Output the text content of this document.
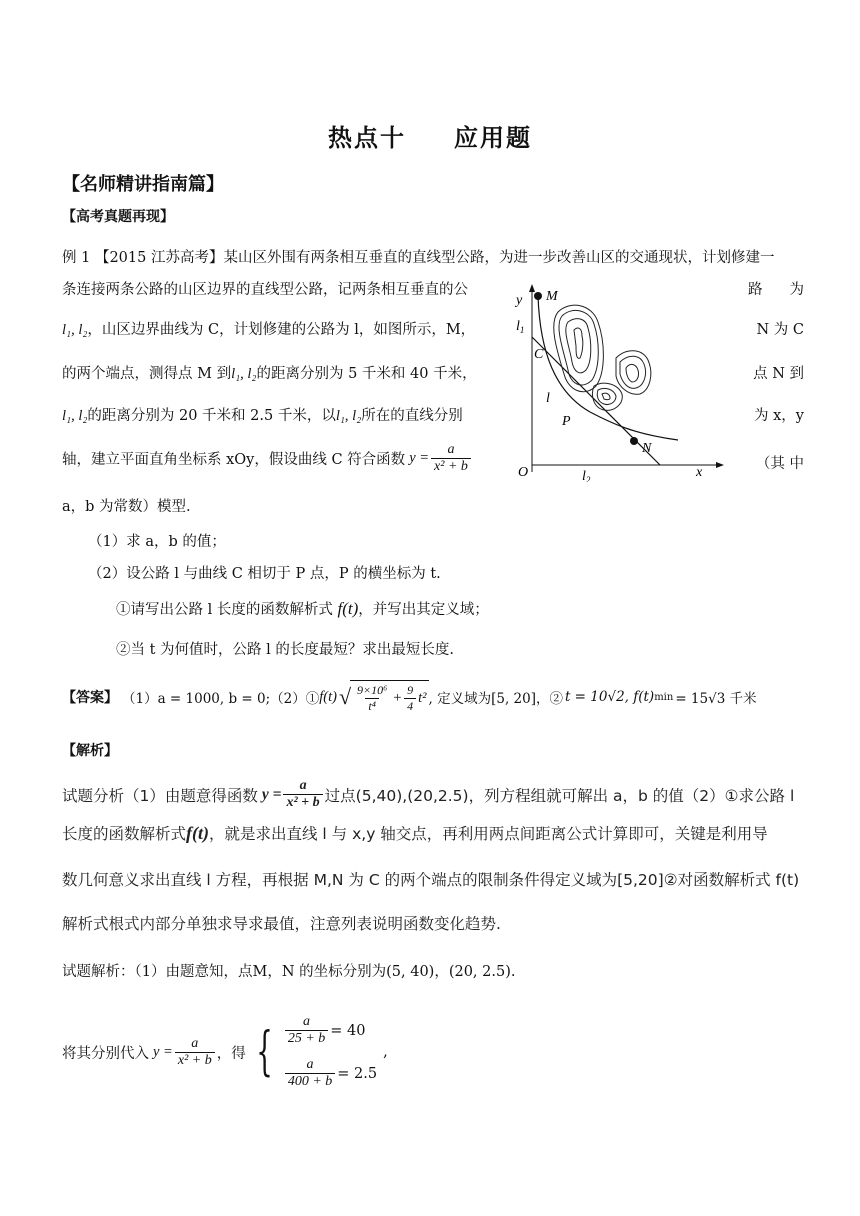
热点十 应用题
【名师精讲指南篇】
【高考真题再现】
例 1 【2015 江苏高考】某山区外围有两条相互垂直的直线型公路，为进一步改善山区的交通现状，计划修建一
条连接两条公路的山区边界的直线型公路，记两条相互垂直的公	路 为
l₁, l₂，山区边界曲线为 C，计划修建的公路为 l，如图所示，M，	N 为 C
的两个端点，测得点 M 到l₁, l₂的距离分别为 5 千米和 40 千米，	点 N 到
l₁, l₂的距离分别为 20 千米和 2.5 千米，以l₁, l₂所在的直线分别	为 x，y
轴，建立平面直角坐标系 xOy，假设曲线 C 符合函数 $y = \frac{a}{\text{x² + b}}$	（其 中
a，b 为常数）模型.
（1）求 a，b 的值；
（2）设公路 l 与曲线 C 相切于 P 点，P 的横坐标为 t.
①请写出公路 l 长度的函数解析式 f(t)，并写出其定义域；
②当 t 为何值时，公路 l 的长度最短？求出最短长度.
y M
$l_1$
C
l
P
N
x
O	$l_2$
【答案】 （1）a = 1000, b = 0;（2）① f(t) √ $\frac{\text{9×10⁶}}{\text{t⁴}} + \frac{9}{4} t^2$ , 定义域为[5, 20]，② t = 10√2, f(t) min = 15√3 千米
【解析】
试题分析（1）由题意得函数 $y = \frac{a}{\text{x² + b}}$ 过点(5,40),(20,2.5)，列方程组就可解出 a，b 的值（2）①求公路 l
长度的函数解析式f(t)，就是求出直线 l 与 x,y 轴交点，再利用两点间距离公式计算即可，关键是利用导
数几何意义求出直线 l 方程，再根据 M,N 为 C 的两个端点的限制条件得定义域为[5,20]②对函数解析式 f(t)
解析式根式内部分单独求导求最值，注意列表说明函数变化趋势.
试题解析：（1）由题意知，点M，N 的坐标分别为(5, 40)，(20, 2.5).
将其分别代入 $y = \frac{a}{\text{x² + b}}$ ，得 { $\frac{a}{25 + b} = 40$
$\frac{a}{400 + b} = 2.5$
,
